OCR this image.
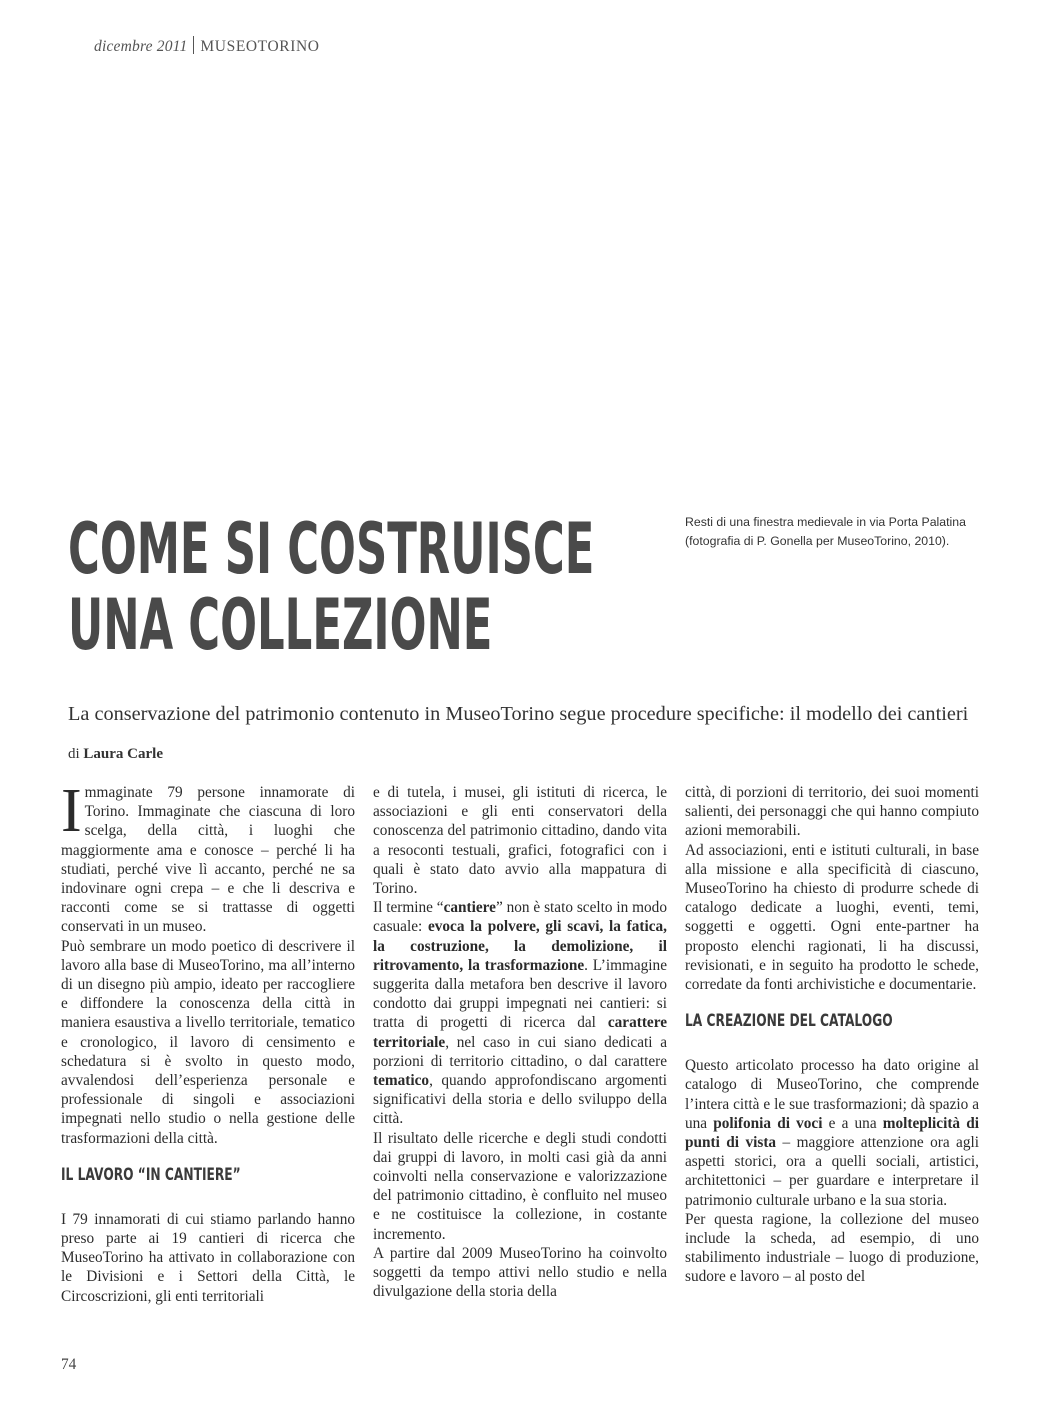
dicembre 2011 MUSEOTORINO
Resti di una finestra medievale in via Porta Palatina (fotografia di P. Gonella per MuseoTorino, 2010).
COME SI COSTRUISCE
UNA COLLEZIONE
La conservazione del patrimonio contenuto in MuseoTorino segue procedure specifiche: il modello dei cantieri
di Laura Carle

Immaginate 79 persone innamorate di Torino. Immaginate che ciascuna di loro scelga, della città, i luoghi che maggiormente ama e conosce – perché li ha studiati, perché vive lì accanto, perché ne sa indovinare ogni crepa – e che li descriva e racconti come se si trattasse di oggetti conservati in un museo.

Può sembrare un modo poetico di descrivere il lavoro alla base di MuseoTorino, ma all’interno di un disegno più ampio, ideato per raccogliere e diffondere la conoscenza della città in maniera esaustiva a livello territoriale, tematico e cronologico, il lavoro di censimento e schedatura si è svolto in questo modo, avvalendosi dell’esperienza personale e professionale di singoli e associazioni impegnati nello studio o nella gestione delle trasformazioni della città.

IL LAVORO “IN CANTIERE”

I 79 innamorati di cui stiamo parlando hanno preso parte ai 19 cantieri di ricerca che MuseoTorino ha attivato in collaborazione con le Divisioni e i Settori della Città, le Circoscrizioni, gli enti territoriali

e di tutela, i musei, gli istituti di ricerca, le associazioni e gli enti conservatori della conoscenza del patrimonio cittadino, dando vita a resoconti testuali, grafici, fotografici con i quali è stato dato avvio alla mappatura di Torino.

Il termine “cantiere” non è stato scelto in modo casuale: evoca la polvere, gli scavi, la fatica, la costruzione, la demolizione, il ritrovamento, la trasformazione. L’immagine suggerita dalla metafora ben descrive il lavoro condotto dai gruppi impegnati nei cantieri: si tratta di progetti di ricerca dal carattere territoriale, nel caso in cui siano dedicati a porzioni di territorio cittadino, o dal carattere tematico, quando approfondiscano argomenti significativi della storia e dello sviluppo della città.

Il risultato delle ricerche e degli studi condotti dai gruppi di lavoro, in molti casi già da anni coinvolti nella conservazione e valorizzazione del patrimonio cittadino, è confluito nel museo e ne costituisce la collezione, in costante incremento.

A partire dal 2009 MuseoTorino ha coinvolto soggetti da tempo attivi nello studio e nella divulgazione della storia della

città, di porzioni di territorio, dei suoi momenti salienti, dei personaggi che qui hanno compiuto azioni memorabili.

Ad associazioni, enti e istituti culturali, in base alla missione e alla specificità di ciascuno, MuseoTorino ha chiesto di produrre schede di catalogo dedicate a luoghi, eventi, temi, soggetti e oggetti. Ogni ente-partner ha proposto elenchi ragionati, li ha discussi, revisionati, e in seguito ha prodotto le schede, corredate da fonti archivistiche e documentarie.

LA CREAZIONE DEL CATALOGO

Questo articolato processo ha dato origine al catalogo di MuseoTorino, che comprende l’intera città e le sue trasformazioni; dà spazio a una polifonia di voci e a una molteplicità di punti di vista – maggiore attenzione ora agli aspetti storici, ora a quelli sociali, artistici, architettonici – per guardare e interpretare il patrimonio culturale urbano e la sua storia.

Per questa ragione, la collezione del museo include la scheda, ad esempio, di uno stabilimento industriale – luogo di produzione, sudore e lavoro – al posto del

74
